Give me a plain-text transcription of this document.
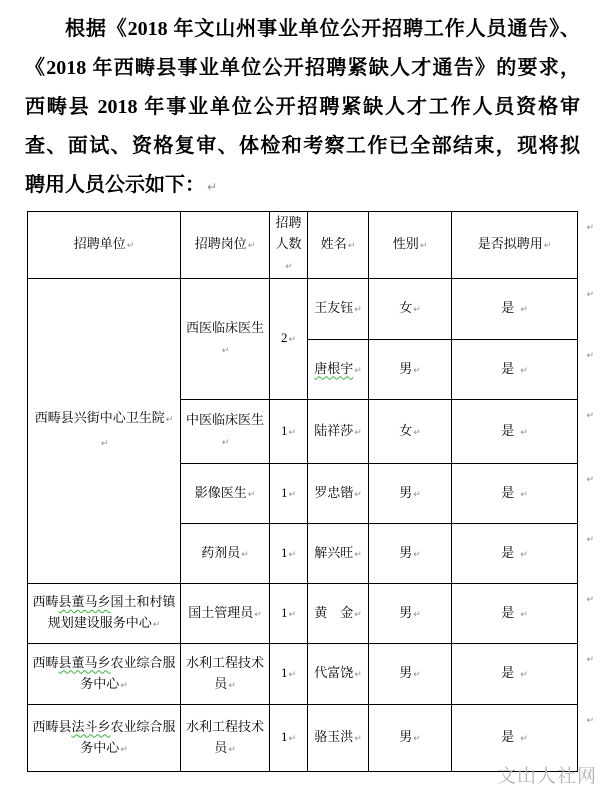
根据《2018 年文山州事业单位公开招聘工作人员通告》、
《2018 年西畴县事业单位公开招聘紧缺人才通告》的要求，
西畴县 2018 年事业单位公开招聘紧缺人才工作人员资格审
查、面试、资格复审、体检和考察工作已全部结束，现将拟
聘用人员公示如下： ↵
招聘单位↵	招聘岗位↵	招聘人数↵	姓名↵	性别↵	是否拟聘用↵
↵

西畴县兴街中心卫生院↵
↵
	西医临床医生↵	2↵	王友钰↵	女↵	是 ↵
↵

			唐根宇↵	男↵	是 ↵
↵

	中医临床医生↵	1↵	陆祥莎↵	女↵	是 ↵
↵

	影像医生↵	1↵	罗忠锴↵	男↵	是 ↵
↵

	药剂员↵	1↵	解兴旺↵	男↵	是 ↵
↵

西畴县董马乡国土和村镇规划建设服务中心↵	国土管理员↵	1↵	黄　金↵	男↵	是 ↵
↵

西畴县董马乡农业综合服务中心↵	水利工程技术员↵	1↵	代富饶↵	男↵	是 ↵
↵

西畴县法斗乡农业综合服务中心↵	水利工程技术员↵	1↵	骆玉洪↵	男↵	是 ↵
↵
文山人社网
